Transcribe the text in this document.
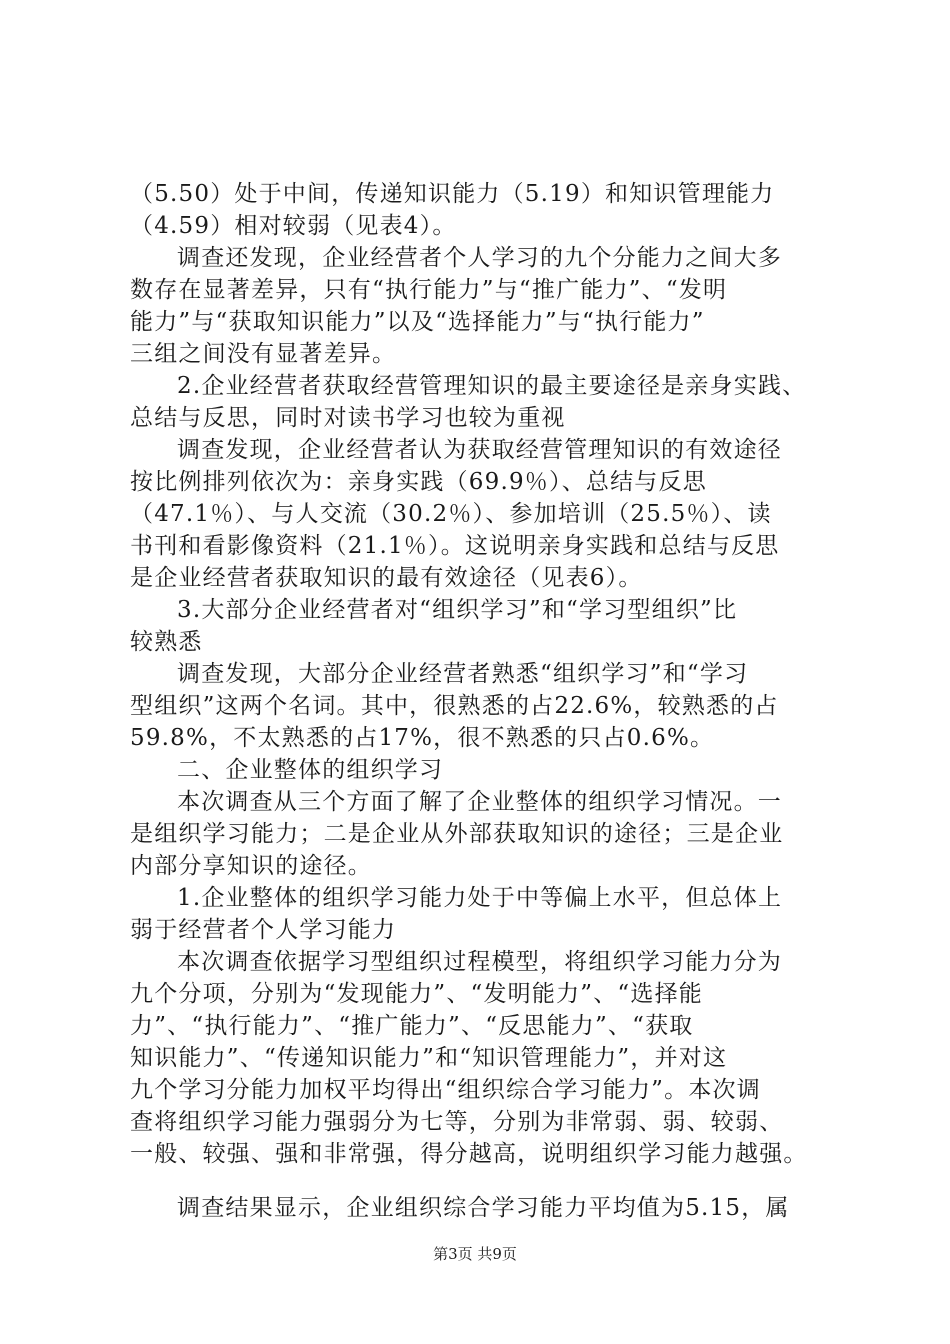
（5.50）处于中间，传递知识能力（5.19）和知识管理能力
（4.59）相对较弱（见表4）。
调查还发现，企业经营者个人学习的九个分能力之间大多
数存在显著差异，只有“执行能力”与“推广能力”、“发明
能力”与“获取知识能力”以及“选择能力”与“执行能力”
三组之间没有显著差异。
2.企业经营者获取经营管理知识的最主要途径是亲身实践、
总结与反思，同时对读书学习也较为重视
调查发现，企业经营者认为获取经营管理知识的有效途径
按比例排列依次为：亲身实践（69.9％）、总结与反思
（47.1％）、与人交流（30.2％）、参加培训（25.5％）、读
书刊和看影像资料（21.1％）。这说明亲身实践和总结与反思
是企业经营者获取知识的最有效途径（见表6）。
3.大部分企业经营者对“组织学习”和“学习型组织”比
较熟悉
调查发现，大部分企业经营者熟悉“组织学习”和“学习
型组织”这两个名词。其中，很熟悉的占22.6%，较熟悉的占
59.8%，不太熟悉的占17%，很不熟悉的只占0.6%。
二、企业整体的组织学习
本次调查从三个方面了解了企业整体的组织学习情况。一
是组织学习能力；二是企业从外部获取知识的途径；三是企业
内部分享知识的途径。
1.企业整体的组织学习能力处于中等偏上水平，但总体上
弱于经营者个人学习能力
本次调查依据学习型组织过程模型，将组织学习能力分为
九个分项，分别为“发现能力”、“发明能力”、“选择能
力”、“执行能力”、“推广能力”、“反思能力”、“获取
知识能力”、“传递知识能力”和“知识管理能力”，并对这
九个学习分能力加权平均得出“组织综合学习能力”。本次调
查将组织学习能力强弱分为七等，分别为非常弱、弱、较弱、
一般、较强、强和非常强，得分越高，说明组织学习能力越强。
调查结果显示，企业组织综合学习能力平均值为5.15，属
第3页 共9页
